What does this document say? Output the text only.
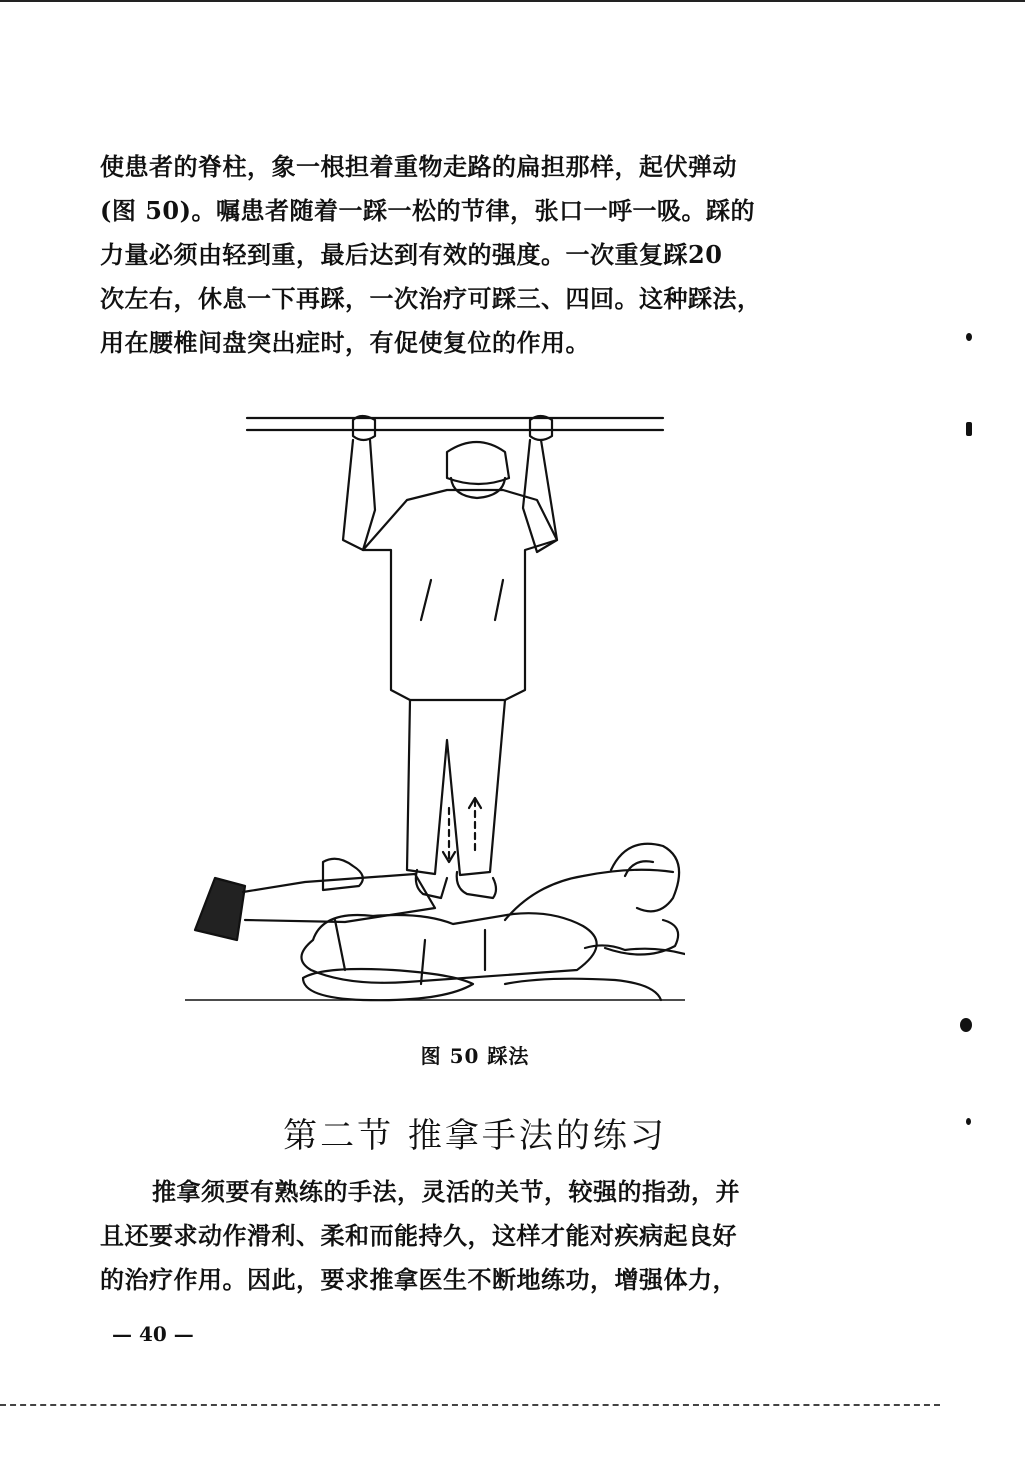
使患者的脊柱，象一根担着重物走路的扁担那样，起伏弹动
(图 50)。嘱患者随着一踩一松的节律，张口一呼一吸。踩的
力量必须由轻到重，最后达到有效的强度。一次重复踩20
次左右，休息一下再踩，一次治疗可踩三、四回。这种踩法，
用在腰椎间盘突出症时，有促使复位的作用。
图 50 踩法
第二节 推拿手法的练习
推拿须要有熟练的手法，灵活的关节，较强的指劲，并
且还要求动作滑利、柔和而能持久，这样才能对疾病起良好
的治疗作用。因此，要求推拿医生不断地练功，增强体力，
— 40 —
